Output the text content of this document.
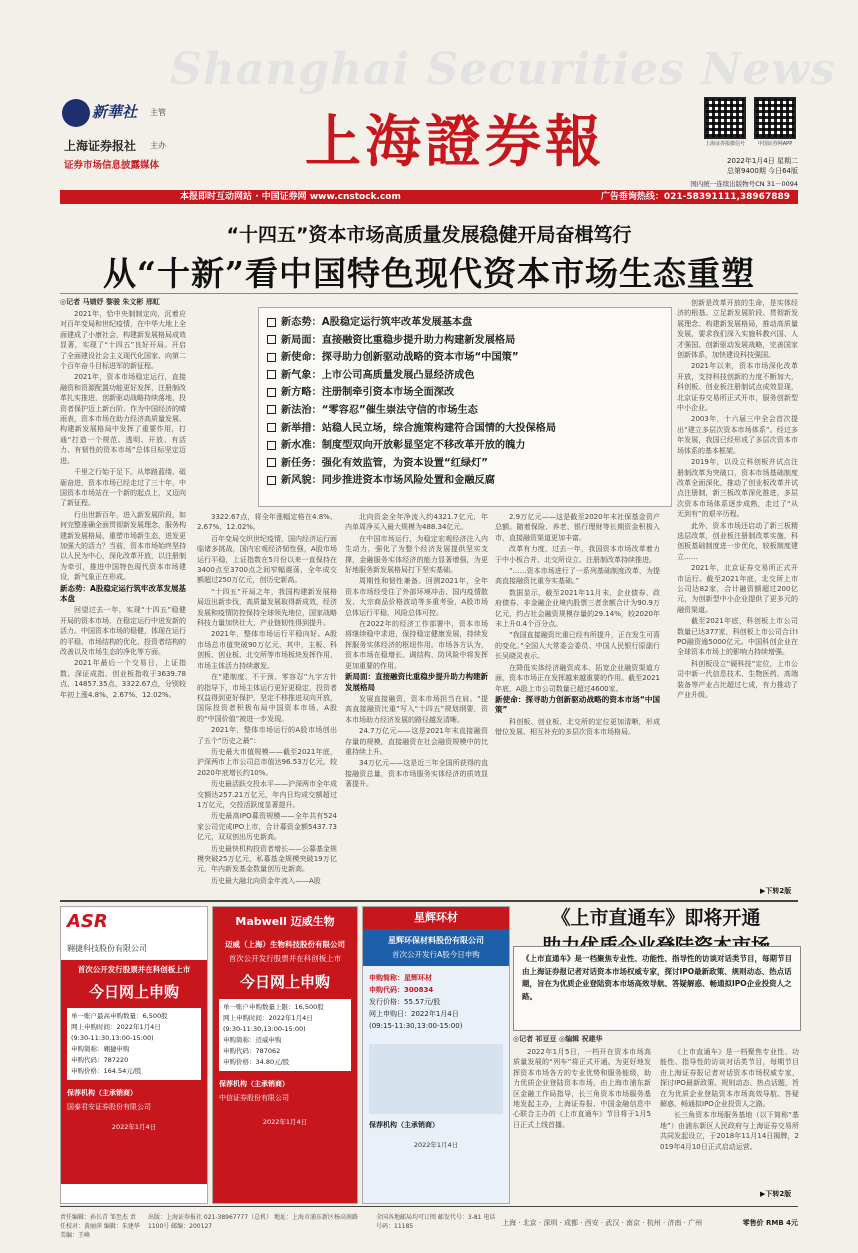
Shanghai Securities News
新華社 主管
上海证券报社 主办
证券市场信息披露媒体	上海證券報	上海证券报微信号	中国证券网APP
2022年1月4日 星期二
总第9400期 今日64版
国内统一连续出版物号CN 31－0094
本报即时互动网站 · 中国证券网 www.cnstock.com	广告垂询热线：021-58391111,38967889
“十四五”资本市场高质量发展稳健开局奋楫笃行
从“十新”看中国特色现代资本市场生态重塑
◎记者 马婧妤 黎骏 朱文彬 邢虹

2021年，恰中央制制定向，沉着应对百年变局和世纪疫情，在中华大地上全面建成了小康社会，构建新发展格局成效显著，实现了“十四五”良好开局。开启了全面建设社会主义现代化国家、向第二个百年奋斗目标进军的新征程。

2021年，资本市场稳定运行，直接融资和资源配置功能更好发挥，注册制改革扎实推进，创新驱动战略持续落地，投资者保护迈上新台阶。作为中国经济的晴雨表，资本市场在助力经济高质量发展、构建新发展格局中发挥了重要作用，打通“打造一个规范、透明、开放、有活力、有韧性的资本市场”总体目标坚定迈进。

千里之行始于足下。从筚路蓝缕、砥砺奋进，资本市场已经走过了三十年，中国资本市场站在一个新的起点上，又迈向了新征程。

行出世新百年，进入新发展阶段，如何完整准确全面贯彻新发展理念，服务构建新发展格局，重塑市场新生态，迸发更加强大的活力？当前，资本市场始终坚持以人民为中心，深化改革开放，以注册制为牵引，推进中国特色现代资本市场建设，新气象正在形成。

新态势：A股稳定运行筑牢改革发展基本盘

回望过去一年，实现“十四五”稳健开局的资本市场，在稳定运行中迸发新的活力。中国资本市场的稳健，体现在运行的平稳、市场结构的优化、投资者结构的改善以及市场生态的净化等方面。

2021年最后一个交易日，上证指数、深证成指、创业板指收于3639.78点、14857.35点、3322.67点，分别较年初上涨4.8%、2.67%、12.02%。

新态势：A股稳定运行筑牢改革发展基本盘
新局面：直接融资比重稳步提升助力构建新发展格局
新使命：探寻助力创新驱动战略的资本市场“中国策”
新气象：上市公司高质量发展凸显经济成色
新方略：注册制牵引资本市场全面深改
新法治：“零容忍”催生崇法守信的市场生态
新举措：站稳人民立场，综合施策构建符合国情的大投保格局
新水准：制度型双向开放彰显坚定不移改革开放的魄力
新任务：强化有效监管，为资本设置“红绿灯”
新风貌：同步推进资本市场风险处置和金融反腐

3322.67点，将全年涨幅定格在4.8%、2.67%、12.02%。

百年变局交织世纪疫情，国内经济运行面临诸多挑战，国内宏观经济韧性强，A股市场运行平稳，上证指数在5月份以来一直保持在3400点至3700点之间窄幅震荡，全年成交额超过250万亿元，创历史新高。

“十四五”开局之年，我国构建新发展格局迈出新步伐，高质量发展取得新成效，经济发展和疫情防控保持全球领先地位，国家战略科技力量加快壮大，产业链韧性得到提升。

2021年，整体市场运行平稳向好。A股市场总市值突破90万亿元，其中，主板、科创板、创业板、北交所等市场板块发挥作用，市场主体活力持续激发。

在“建制度、不干预、零容忍”九字方针的指导下，市场主体运行更好更稳定，投资者权益得到更好保护，坚定不移推进双向开放，国际投资者积极布局中国资本市场，A股的“中国价值”被进一步发现。

2021年，整体市场运行的A股市场创出了五个“历史之最”：

历史最大市值规模——截至2021年底，沪深两市上市公司总市值达96.53万亿元，较2020年底增长约10%。

历史最活跃交投水平——沪深两市全年成交额达257.21万亿元，年内日均成交额超过1万亿元，交投活跃度显著提升。

历史最高IPO募资规模——全年共有524家公司完成IPO上市，合计募资金额5437.73亿元，双双创出历史新高。

历史最快机构投资者增长——公募基金规模突破25万亿元，私募基金规模突破19万亿元，年内新发基金数量创历史新高。

历史最大融北向资金年流入——A股

北向资金全年净流入约4321.7亿元，年内单周净买入最大规模为488.34亿元。

在中国市场运行，为稳定宏观经济注入内生动力，强化了为整个经济发展提供坚实支撑，金融服务实体经济的能力显著增强，为更好地服务新发展格局打下坚实基础。

周期性和韧性兼备。回测2021年，全年资本市场经受住了外部环境冲击、国内疫情散发、大宗商品价格波动等多重考验，A股市场总体运行平稳，风险总体可控。

在2022年的经济工作部署中，资本市场将继续稳中求进，保持稳定健康发展，持续发挥服务实体经济的枢纽作用。市场各方认为，资本市场在稳增长、调结构、防风险中将发挥更加重要的作用。

新局面：直接融资比重稳步提升助力构建新发展格局

发展直接融资，资本市场担当在肩。“提高直接融资比重”写入“十四五”规划纲要，资本市场助力经济发展的路径越发清晰。

24.7万亿元——这是2021年末直接融资存量的规模，直接融资在社会融资规模中的比重持续上升。

34万亿元——这是近三年全国所获得的直接融资总量，资本市场服务实体经济的质效显著提升。

2.9万亿元——这是截至2020年末社保基金资产总额。随着保险、养老、银行理财等长期资金积极入市，直接融资渠道更加丰富。

改革有力度，过去一年，我国资本市场改革着力于中小板合并、北交所设立、注册制改革持续推进。

“……资本市场进行了一系列基础制度改革，为提高直接融资比重夯实基础。”

数据显示，截至2021年11月末，企业债券、政府债券、非金融企业境内股票三者余额合计为90.9万亿元，约占社会融资规模存量的29.14%，较2020年末上升0.4个百分点。

“我国直接融资比重已经有所提升，正在发生可喜的变化。”全国人大常委会委员、中国人民银行原副行长吴晓灵表示。

在降低实体经济融资成本、拓宽企业融资渠道方面，资本市场正在发挥越来越重要的作用。截至2021年底，A股上市公司数量已超过4600家。

新使命：探寻助力创新驱动战略的资本市场“中国策”

科创板、创业板、北交所的定位更加清晰，形成错位发展、相互补充的多层次资本市场格局。

创新是改革开放的生命，是实体经济的根基。立足新发展阶段、贯彻新发展理念、构建新发展格局，推动高质量发展，要求我们深入实施科教兴国、人才强国、创新驱动发展战略，完善国家创新体系，加快建设科技强国。

2021年以来，资本市场深化改革开放，支持科技创新的力度不断加大，科创板、创业板注册制试点成效显现，北京证券交易所正式开市，服务创新型中小企业。

2003年，十六届三中全会首次提出“建立多层次资本市场体系”。经过多年发展，我国已经形成了多层次资本市场体系的基本框架。

2019年，以设立科创板并试点注册制改革为突破口，资本市场基础制度改革全面深化，推动了创业板改革并试点注册制，新三板改革深化推进，多层次资本市场体系逐步成熟，走过了“从无到有”的艰辛历程。

此外，资本市场还启动了新三板精选层改革，创业板注册制改革实施，科创板基础制度进一步优化，较板制度建立……

2021年，北京证券交易所正式开市运行。截至2021年底，北交所上市公司达82家，合计融资额超过200亿元，为创新型中小企业提供了更多元的融资渠道。

截至2021年底，科创板上市公司数量已达377家，科创板上市公司合计IPO融资逾5000亿元。中国科创企业在全球资本市场上的影响力持续增强。

科创板设立“硬科技”定位，上市公司中新一代信息技术、生物医药、高端装备等产业占比超过七成，有力推动了产业升级。

▶下转2版
ASR
翱捷科技股份有限公司
首次公开发行股票并在科创板上市
今日网上申购
单一账户最高申购数量：6,500股
网上申购时间：2022年1月4日
(9:30-11:30,13:00-15:00)
申购简称：翱捷申购
申购代码：787220
申购价格：164.54元/股
保荐机构（主承销商）
国泰君安证券股份有限公司
2022年1月4日
Mabwell 迈威生物
迈威（上海）生物科技股份有限公司
首次公开发行股票并在科创板上市
今日网上申购
单一账户申购数量上限：16,500股
网上申购时间：2022年1月4日
(9:30-11:30,13:00-15:00)
申购简称：迈威申购
申购代码：787062
申购价格：34.80元/股
保荐机构（主承销商）
中信证券股份有限公司
2022年1月4日
星辉环材
星辉环保材料股份有限公司
首次公开发行A股今日申购
申购简称：星辉环材
申购代码：300834
发行价格：55.57元/股
网上申购日：2022年1月4日
(09:15-11:30,13:00-15:00)
保荐机构（主承销商）
2022年1月4日
《上市直通车》即将开通
《上市直通车》是一档聚焦专业性、功能性、指导性的访谈对话类节目，每期节目由上海证券报记者对话资本市场权威专家，探讨IPO最新政策、规则动态、热点话题，旨在为优质企业登陆资本市场高效导航、答疑解惑、畅通拟IPO企业投资人之路。
◎记者 祁豆豆 ◎编辑 祝建华

2022年1月5日，一档开在资本市场高质量发展的“列车”将正式开通。为更好地发挥资本市场各方的专业优势和服务能级，助力优质企业登陆资本市场，由上海市浦东新区金融工作局指导，长三角资本市场服务基地发起主办，上海证券报、中国金融信息中心联合主办的《上市直通车》节目将于1月5日正式上线首播。

《上市直通车》是一档聚焦专业性、功能性、指导性的访谈对话类节目，每期节目由上海证券报记者对话资本市场权威专家，探讨IPO最新政策、规则动态、热点话题，旨在为优质企业登陆资本市场高效导航、答疑解惑、畅通拟IPO企业投资人之路。

长三角资本市场服务基地（以下简称“基地”）由浦东新区人民政府与上海证券交易所共同发起设立，于2018年11月14日揭牌，2019年4月10日正式启动运营。

▶下转2版
责任编辑：孙长青 邹至杰 责任校对：黄丽萍 编辑：朱建华 美编：王峰
出版：上海证券报社 021-38967777（总机） 地址：上海市浦东新区杨高南路1100号 邮编：200127
全国各地邮局均可订阅 邮发代号：3-81 电话号码：11185	上海 · 北京 · 深圳 · 成都 · 西安 · 武汉 · 南京 · 杭州 · 济南 · 广州	零售价 RMB 4元
